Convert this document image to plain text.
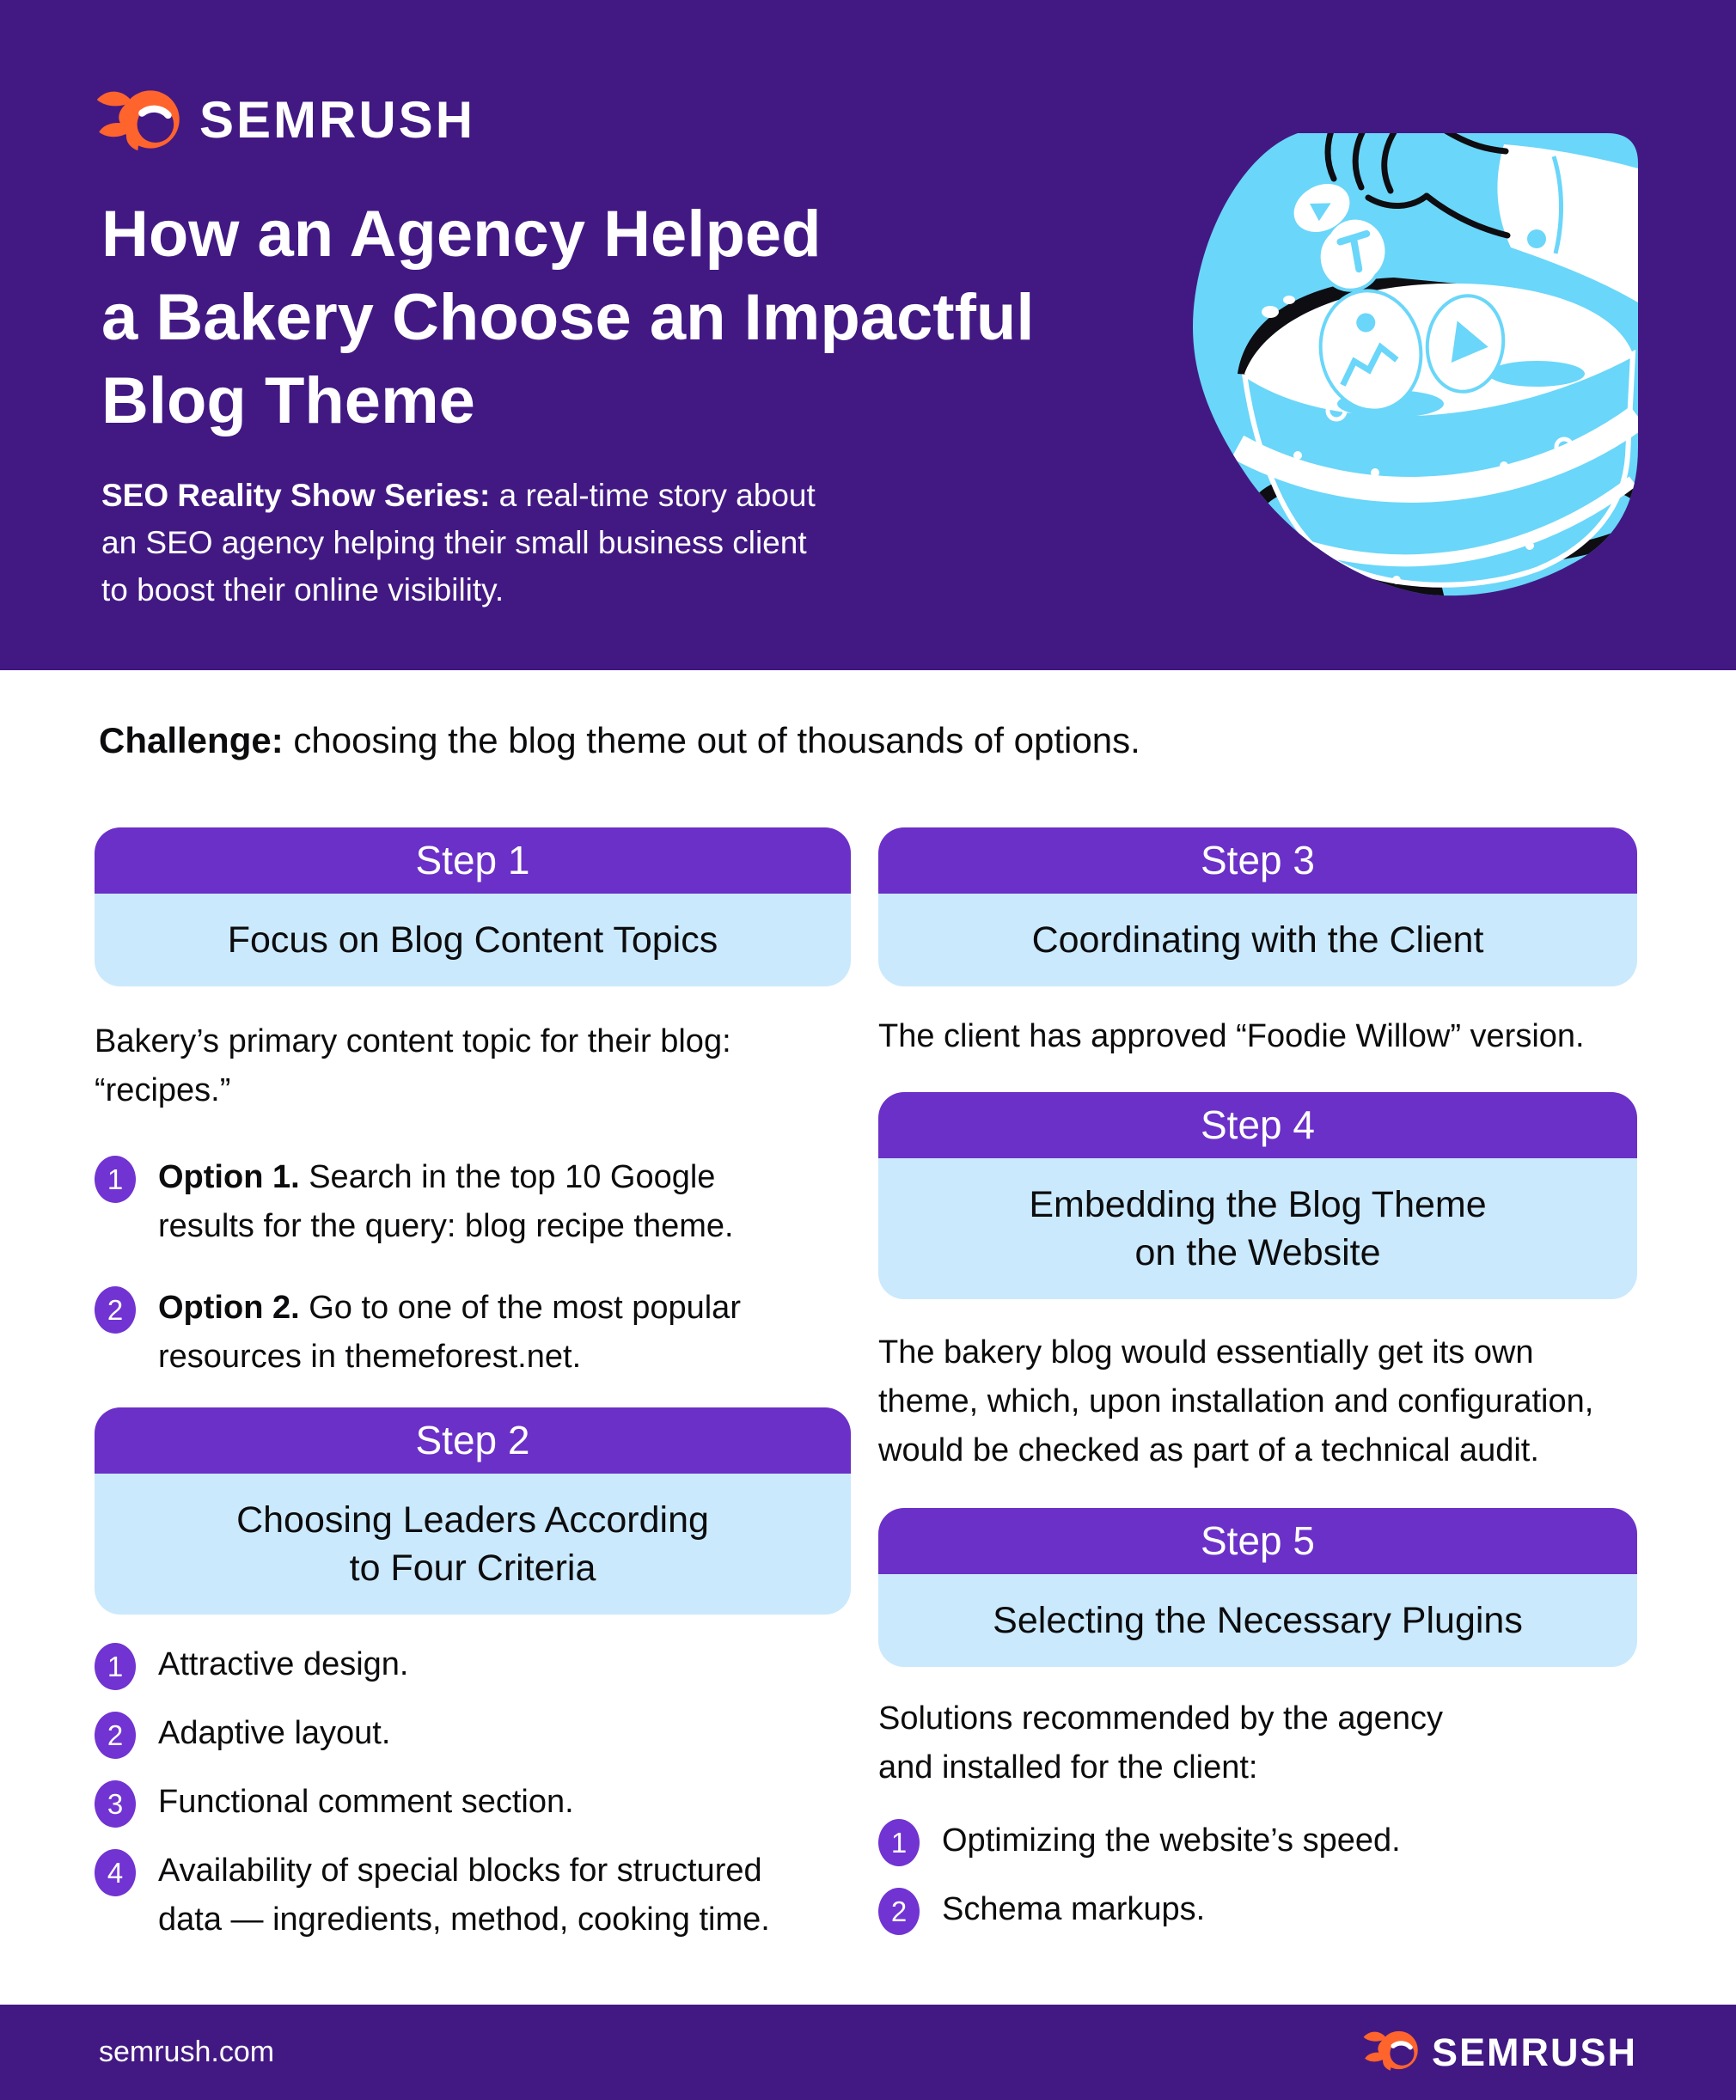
SEMRUSH
How an Agency Helped
a Bakery Choose an Impactful
Blog Theme
SEO Reality Show Series: a real-time story about
an SEO agency helping their small business client
to boost their online visibility.
Challenge: choosing the blog theme out of thousands of options.
Step 1
Focus on Blog Content Topics
Bakery’s primary content topic for their blog:
“recipes.”
1	Option 1. Search in the top 10 Google
results for the query: blog recipe theme.
2	Option 2. Go to one of the most popular
resources in themeforest.net.
Step 2
Choosing Leaders According
to Four Criteria
1	Attractive design.
2	Adaptive layout.
3	Functional comment section.
4	Availability of special blocks for structured
data — ingredients, method, cooking time.
Step 3
Coordinating with the Client
The client has approved “Foodie Willow” version.
Step 4
Embedding the Blog Theme
on the Website
The bakery blog would essentially get its own
theme, which, upon installation and configuration,
would be checked as part of a technical audit.
Step 5
Selecting the Necessary Plugins
Solutions recommended by the agency
and installed for the client:
1	Optimizing the website’s speed.
2	Schema markups.
semrush.com	SEMRUSH
